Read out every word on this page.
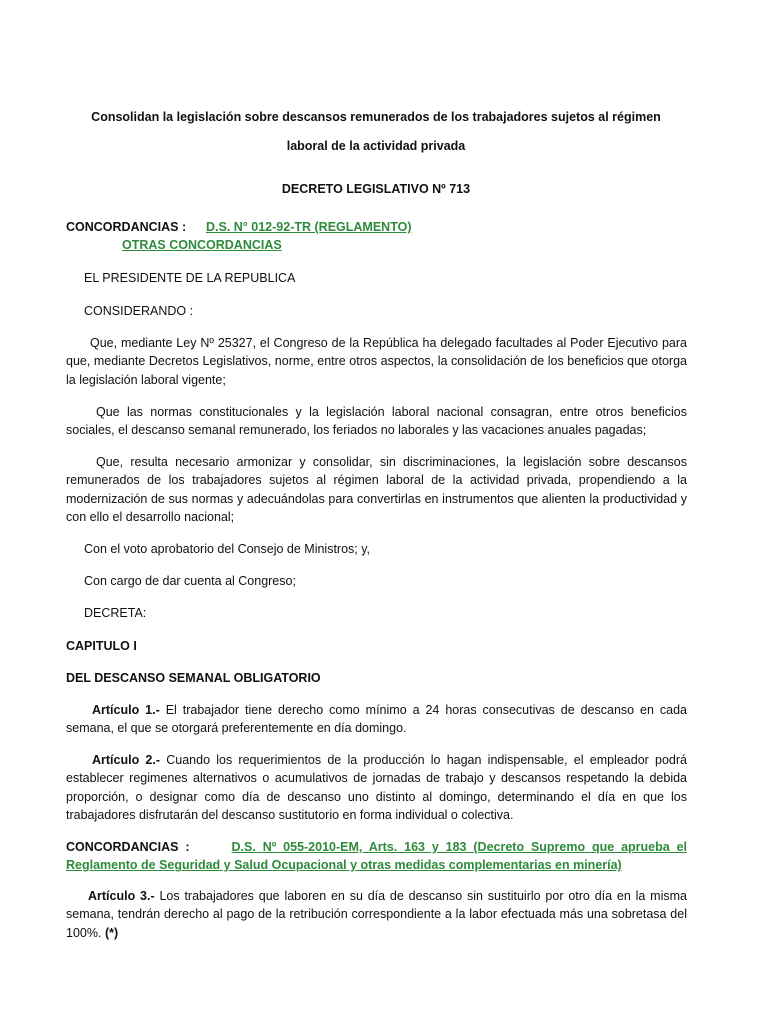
Consolidan la legislación sobre descansos remunerados de los trabajadores sujetos al régimen
laboral de la actividad privada
DECRETO LEGISLATIVO Nº 713
CONCORDANCIAS : D.S. N° 012-92-TR (REGLAMENTO)
OTRAS CONCORDANCIAS
EL PRESIDENTE DE LA REPUBLICA
CONSIDERANDO :
Que, mediante Ley Nº 25327, el Congreso de la República ha delegado facultades al Poder Ejecutivo para que, mediante Decretos Legislativos, norme, entre otros aspectos, la consolidación de los beneficios que otorga la legislación laboral vigente;
Que las normas constitucionales y la legislación laboral nacional consagran, entre otros beneficios sociales, el descanso semanal remunerado, los feriados no laborales y las vacaciones anuales pagadas;
Que, resulta necesario armonizar y consolidar, sin discriminaciones, la legislación sobre descansos remunerados de los trabajadores sujetos al régimen laboral de la actividad privada, propendiendo a la modernización de sus normas y adecuándolas para convertirlas en instrumentos que alienten la productividad y con ello el desarrollo nacional;
Con el voto aprobatorio del Consejo de Ministros; y,
Con cargo de dar cuenta al Congreso;
DECRETA:
CAPITULO I
DEL DESCANSO SEMANAL OBLIGATORIO
Artículo 1.- El trabajador tiene derecho como mínimo a 24 horas consecutivas de descanso en cada semana, el que se otorgará preferentemente en día domingo.
Artículo 2.- Cuando los requerimientos de la producción lo hagan indispensable, el empleador podrá establecer regimenes alternativos o acumulativos de jornadas de trabajo y descansos respetando la debida proporción, o designar como día de descanso uno distinto al domingo, determinando el día en que los trabajadores disfrutarán del descanso sustitutorio en forma individual o colectiva.
CONCORDANCIAS :	D.S. Nº 055-2010-EM, Arts. 163 y 183 (Decreto Supremo que aprueba el Reglamento de Seguridad y Salud Ocupacional y otras medidas complementarias en minería)
Artículo 3.- Los trabajadores que laboren en su día de descanso sin sustituirlo por otro día en la misma semana, tendrán derecho al pago de la retribución correspondiente a la labor efectuada más una sobretasa del 100%. (*)
